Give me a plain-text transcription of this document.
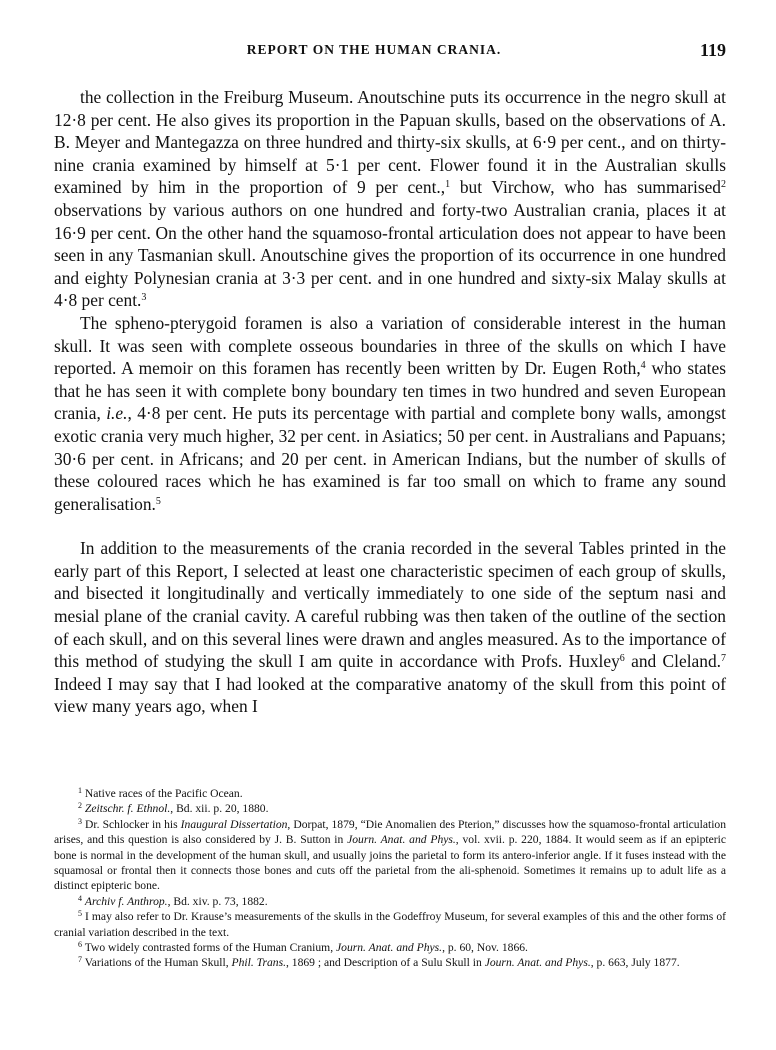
REPORT ON THE HUMAN CRANIA.	119

the collection in the Freiburg Museum. Anoutschine puts its occurrence in the negro skull at 12·8 per cent. He also gives its proportion in the Papuan skulls, based on the observations of A. B. Meyer and Mantegazza on three hundred and thirty-six skulls, at 6·9 per cent., and on thirty-nine crania examined by himself at 5·1 per cent. Flower found it in the Australian skulls examined by him in the proportion of 9 per cent.,$^1$ but Virchow, who has summarised$^2$ observations by various authors on one hundred and forty-two Australian crania, places it at 16·9 per cent. On the other hand the squamoso-frontal articulation does not appear to have been seen in any Tasmanian skull. Anoutschine gives the proportion of its occurrence in one hundred and eighty Polynesian crania at 3·3 per cent. and in one hundred and sixty-six Malay skulls at 4·8 per cent.$^3$

The spheno-pterygoid foramen is also a variation of considerable interest in the human skull. It was seen with complete osseous boundaries in three of the skulls on which I have reported. A memoir on this foramen has recently been written by Dr. Eugen Roth,$^4$ who states that he has seen it with complete bony boundary ten times in two hundred and seven European crania, i.e., 4·8 per cent. He puts its percentage with partial and complete bony walls, amongst exotic crania very much higher, 32 per cent. in Asiatics; 50 per cent. in Australians and Papuans; 30·6 per cent. in Africans; and 20 per cent. in American Indians, but the number of skulls of these coloured races which he has examined is far too small on which to frame any sound generalisation.$^5$

In addition to the measurements of the crania recorded in the several Tables printed in the early part of this Report, I selected at least one characteristic specimen of each group of skulls, and bisected it longitudinally and vertically immediately to one side of the septum nasi and mesial plane of the cranial cavity. A careful rubbing was then taken of the outline of the section of each skull, and on this several lines were drawn and angles measured. As to the importance of this method of studying the skull I am quite in accordance with Profs. Huxley$^6$ and Cleland.$^7$ Indeed I may say that I had looked at the comparative anatomy of the skull from this point of view many years ago, when I

$^1$ Native races of the Pacific Ocean.

$^2$ Zeitschr. f. Ethnol., Bd. xii. p. 20, 1880.

$^3$ Dr. Schlocker in his Inaugural Dissertation, Dorpat, 1879, “Die Anomalien des Pterion,” discusses how the squamoso-frontal articulation arises, and this question is also considered by J. B. Sutton in Journ. Anat. and Phys., vol. xvii. p. 220, 1884. It would seem as if an epipteric bone is normal in the development of the human skull, and usually joins the parietal to form its antero-inferior angle. If it fuses instead with the squamosal or frontal then it connects those bones and cuts off the parietal from the ali-sphenoid. Sometimes it remains up to adult life as a distinct epipteric bone.

$^4$ Archiv f. Anthrop., Bd. xiv. p. 73, 1882.

$^5$ I may also refer to Dr. Krause’s measurements of the skulls in the Godeffroy Museum, for several examples of this and the other forms of cranial variation described in the text.

$^6$ Two widely contrasted forms of the Human Cranium, Journ. Anat. and Phys., p. 60, Nov. 1866.

$^7$ Variations of the Human Skull, Phil. Trans., 1869 ; and Description of a Sulu Skull in Journ. Anat. and Phys., p. 663, July 1877.
